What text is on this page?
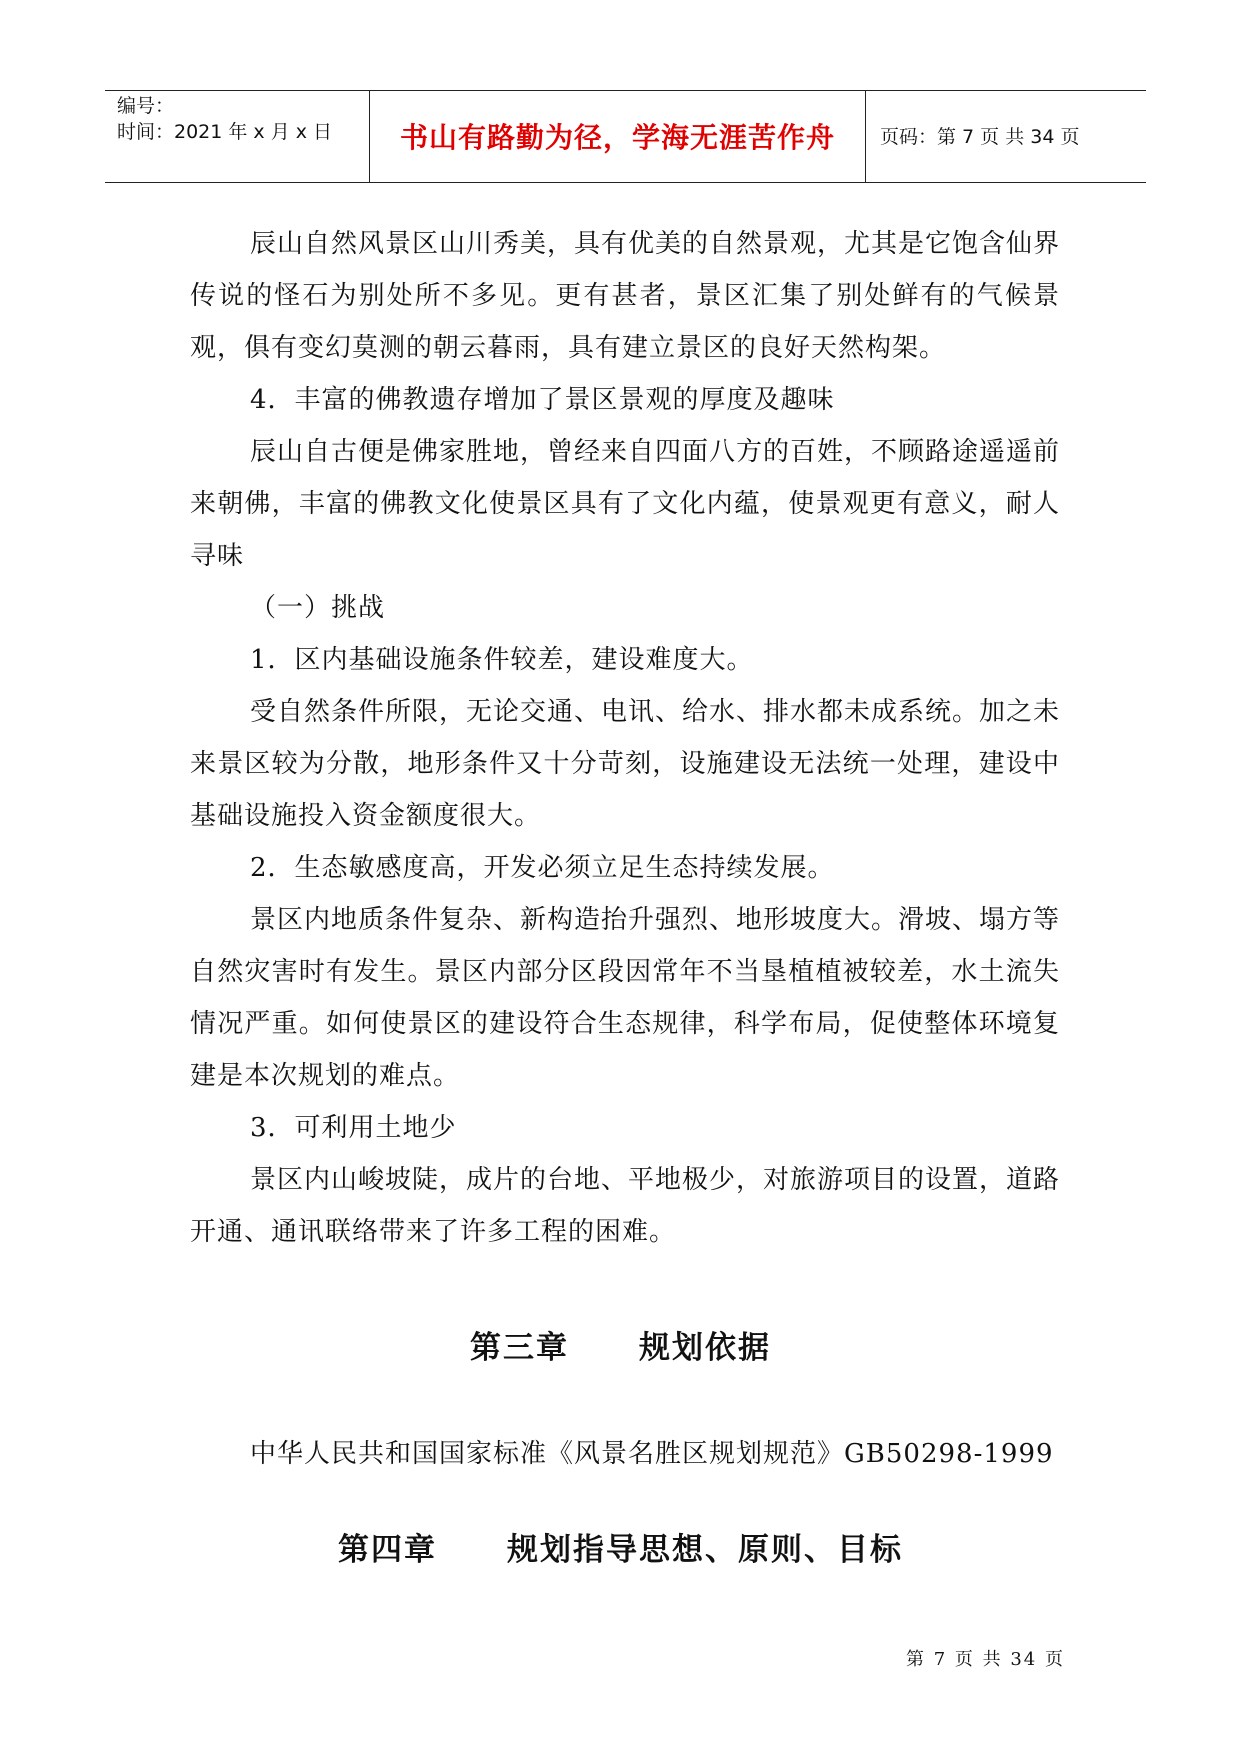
编号：
时间：2021 年 x 月 x 日	书山有路勤为径，学海无涯苦作舟	页码：第 7 页 共 34 页

辰山自然风景区山川秀美，具有优美的自然景观，尤其是它饱含仙界传说的怪石为别处所不多见。更有甚者，景区汇集了别处鲜有的气候景观，俱有变幻莫测的朝云暮雨，具有建立景区的良好天然构架。

4．丰富的佛教遗存增加了景区景观的厚度及趣味

辰山自古便是佛家胜地，曾经来自四面八方的百姓，不顾路途遥遥前来朝佛，丰富的佛教文化使景区具有了文化内蕴，使景观更有意义，耐人寻味

（一）挑战

1．区内基础设施条件较差，建设难度大。

受自然条件所限，无论交通、电讯、给水、排水都未成系统。加之未来景区较为分散，地形条件又十分苛刻，设施建设无法统一处理，建设中基础设施投入资金额度很大。

2．生态敏感度高，开发必须立足生态持续发展。

景区内地质条件复杂、新构造抬升强烈、地形坡度大。滑坡、塌方等自然灾害时有发生。景区内部分区段因常年不当垦植植被较差，水土流失情况严重。如何使景区的建设符合生态规律，科学布局，促使整体环境复建是本次规划的难点。

3．可利用土地少

景区内山峻坡陡，成片的台地、平地极少，对旅游项目的设置，道路开通、通讯联络带来了许多工程的困难。

第三章 规划依据
中华人民共和国国家标准《风景名胜区规划规范》GB50298-1999
第四章 规划指导思想、原则、目标
第 7 页 共 34 页
